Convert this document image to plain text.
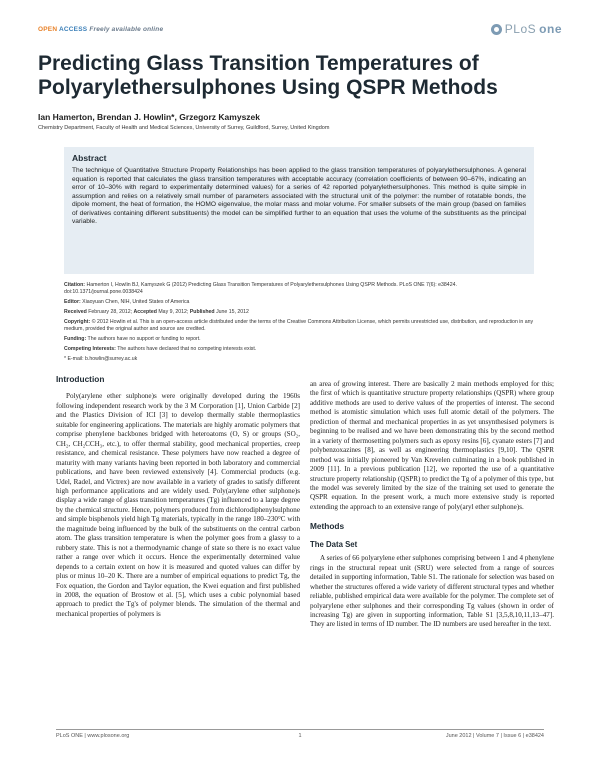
OPEN ACCESS Freely available online	PLoS one
Predicting Glass Transition Temperatures of Polyarylethersulphones Using QSPR Methods
Ian Hamerton, Brendan J. Howlin*, Grzegorz Kamyszek
Chemistry Department, Faculty of Health and Medical Sciences, University of Surrey, Guildford, Surrey, United Kingdom
Abstract
The technique of Quantitative Structure Property Relationships has been applied to the glass transition temperatures of polyarylethersulphones. A general equation is reported that calculates the glass transition temperatures with acceptable accuracy (correlation coefficients of between 90–67%, indicating an error of 10–30% with regard to experimentally determined values) for a series of 42 reported polyarylethersulphones. This method is quite simple in assumption and relies on a relatively small number of parameters associated with the structural unit of the polymer: the number of rotatable bonds, the dipole moment, the heat of formation, the HOMO eigenvalue, the molar mass and molar volume. For smaller subsets of the main group (based on families of derivatives containing different substituents) the model can be simplified further to an equation that uses the volume of the substituents as the principal variable.

Citation: Hamerton I, Howlin BJ, Kamyszek G (2012) Predicting Glass Transition Temperatures of Polyarylethersulphones Using QSPR Methods. PLoS ONE 7(6): e38424. doi:10.1371/journal.pone.0038424

Editor: Xiaoyuan Chen, NIH, United States of America

Received February 28, 2012; Accepted May 9, 2012; Published June 15, 2012

Copyright: © 2012 Howlin et al. This is an open-access article distributed under the terms of the Creative Commons Attribution License, which permits unrestricted use, distribution, and reproduction in any medium, provided the original author and source are credited.

Funding: The authors have no support or funding to report.

Competing Interests: The authors have declared that no competing interests exist.

* E-mail: b.howlin@surrey.ac.uk

Introduction
Poly(arylene ether sulphone)s were originally developed during the 1960s following independent research work by the 3 M Corporation [1], Union Carbide [2] and the Plastics Division of ICI [3] to develop thermally stable thermoplastics suitable for engineering applications. The materials are highly aromatic polymers that comprise phenylene backbones bridged with heteroatoms (O, S) or groups (SO₂, CH₂, CH₂CCH₃, etc.), to offer thermal stability, good mechanical properties, creep resistance, and chemical resistance. These polymers have now reached a degree of maturity with many variants having been reported in both laboratory and commercial publications, and have been reviewed extensively [4]. Commercial products (e.g. Udel, Radel, and Victrex) are now available in a variety of grades to satisfy different high performance applications and are widely used. Poly(arylene ether sulphone)s display a wide range of glass transition temperatures (Tg) influenced to a large degree by the chemical structure. Hence, polymers produced from dichlorodiphenylsulphone and simple bisphenols yield high Tg materials, typically in the range 180–230°C with the magnitude being influenced by the bulk of the substituents on the central carbon atom. The glass transition temperature is when the polymer goes from a glassy to a rubbery state. This is not a thermodynamic change of state so there is no exact value rather a range over which it occurs. Hence the experimentally determined value depends to a certain extent on how it is measured and quoted values can differ by plus or minus 10–20 K. There are a number of empirical equations to predict Tg, the Fox equation, the Gordon and Taylor equation, the Kwei equation and first published in 2008, the equation of Brostow et al. [5], which uses a cubic polynomial based approach to predict the Tg's of polymer blends. The simulation of the thermal and mechanical properties of polymers is
an area of growing interest. There are basically 2 main methods employed for this; the first of which is quantitative structure property relationships (QSPR) where group additive methods are used to derive values of the properties of interest. The second method is atomistic simulation which uses full atomic detail of the polymers. The prediction of thermal and mechanical properties in as yet unsynthesised polymers is beginning to be realised and we have been demonstrating this by the second method in a variety of thermosetting polymers such as epoxy resins [6], cyanate esters [7] and polybenzoxazines [8], as well as engineering thermoplastics [9,10]. The QSPR method was initially pioneered by Van Krevelen culminating in a book published in 2009 [11]. In a previous publication [12], we reported the use of a quantitative structure property relationship (QSPR) to predict the Tg of a polymer of this type, but the model was severely limited by the size of the training set used to generate the QSPR equation. In the present work, a much more extensive study is reported extending the approach to an extensive range of poly(aryl ether sulphone)s.
Methods
The Data Set
A series of 66 polyarylene ether sulphones comprising between 1 and 4 phenylene rings in the structural repeat unit (SRU) were selected from a range of sources detailed in supporting information, Table S1. The rationale for selection was based on whether the structures offered a wide variety of different structural types and whether reliable, published empirical data were available for the polymer. The complete set of polyarylene ether sulphones and their corresponding Tg values (shown in order of increasing Tg) are given in supporting information, Table S1 [3,5,8,10,11,13–47]. They are listed in terms of ID number. The ID numbers are used hereafter in the text.
PLoS ONE | www.plosone.org	1	June 2012 | Volume 7 | Issue 6 | e38424
